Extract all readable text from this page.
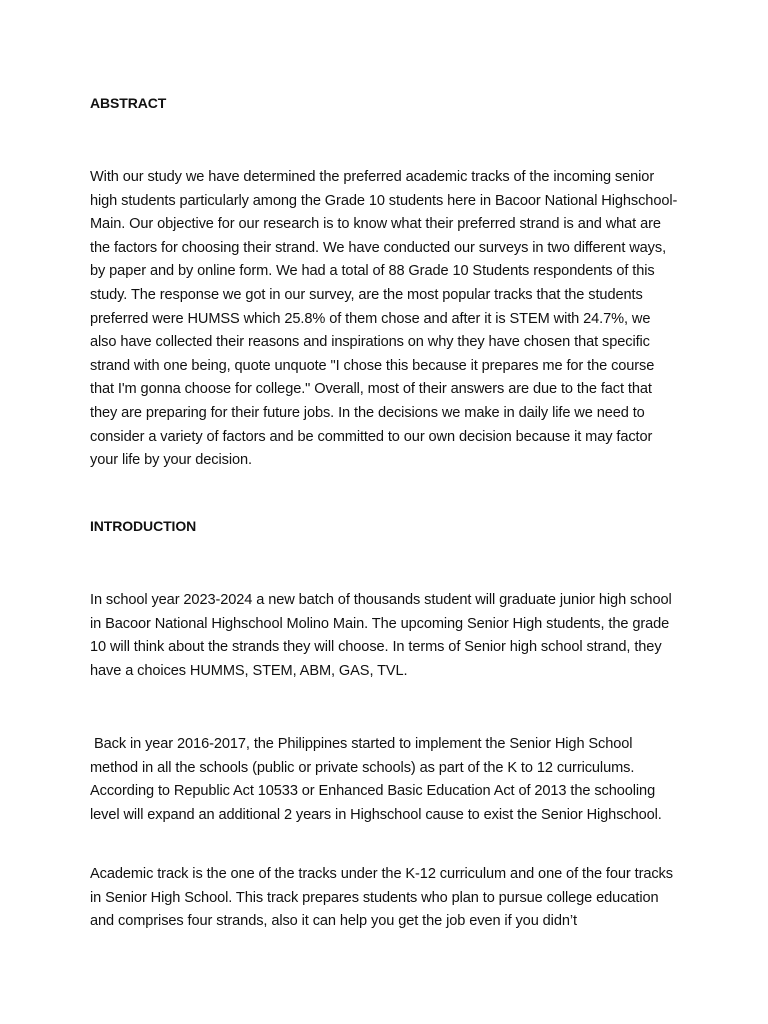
ABSTRACT

With our study we have determined the preferred academic tracks of the incoming senior high students particularly among the Grade 10 students here in Bacoor National Highschool-Main. Our objective for our research is to know what their preferred strand is and what are the factors for choosing their strand. We have conducted our surveys in two different ways, by paper and by online form. We had a total of 88 Grade 10 Students respondents of this study. The response we got in our survey, are the most popular tracks that the students preferred were HUMSS which 25.8% of them chose and after it is STEM with 24.7%, we also have collected their reasons and inspirations on why they have chosen that specific strand with one being, quote unquote "I chose this because it prepares me for the course that I'm gonna choose for college." Overall, most of their answers are due to the fact that they are preparing for their future jobs. In the decisions we make in daily life we need to consider a variety of factors and be committed to our own decision because it may factor your life by your decision.

INTRODUCTION

In school year 2023-2024 a new batch of thousands student will graduate junior high school in Bacoor National Highschool Molino Main. The upcoming Senior High students, the grade 10 will think about the strands they will choose. In terms of Senior high school strand, they have a choices HUMMS, STEM, ABM, GAS, TVL.

Back in year 2016-2017, the Philippines started to implement the Senior High School method in all the schools (public or private schools) as part of the K to 12 curriculums. According to Republic Act 10533 or Enhanced Basic Education Act of 2013 the schooling level will expand an additional 2 years in Highschool cause to exist the Senior Highschool.

Academic track is the one of the tracks under the K-12 curriculum and one of the four tracks in Senior High School. This track prepares students who plan to pursue college education and comprises four strands, also it can help you get the job even if you didn’t
